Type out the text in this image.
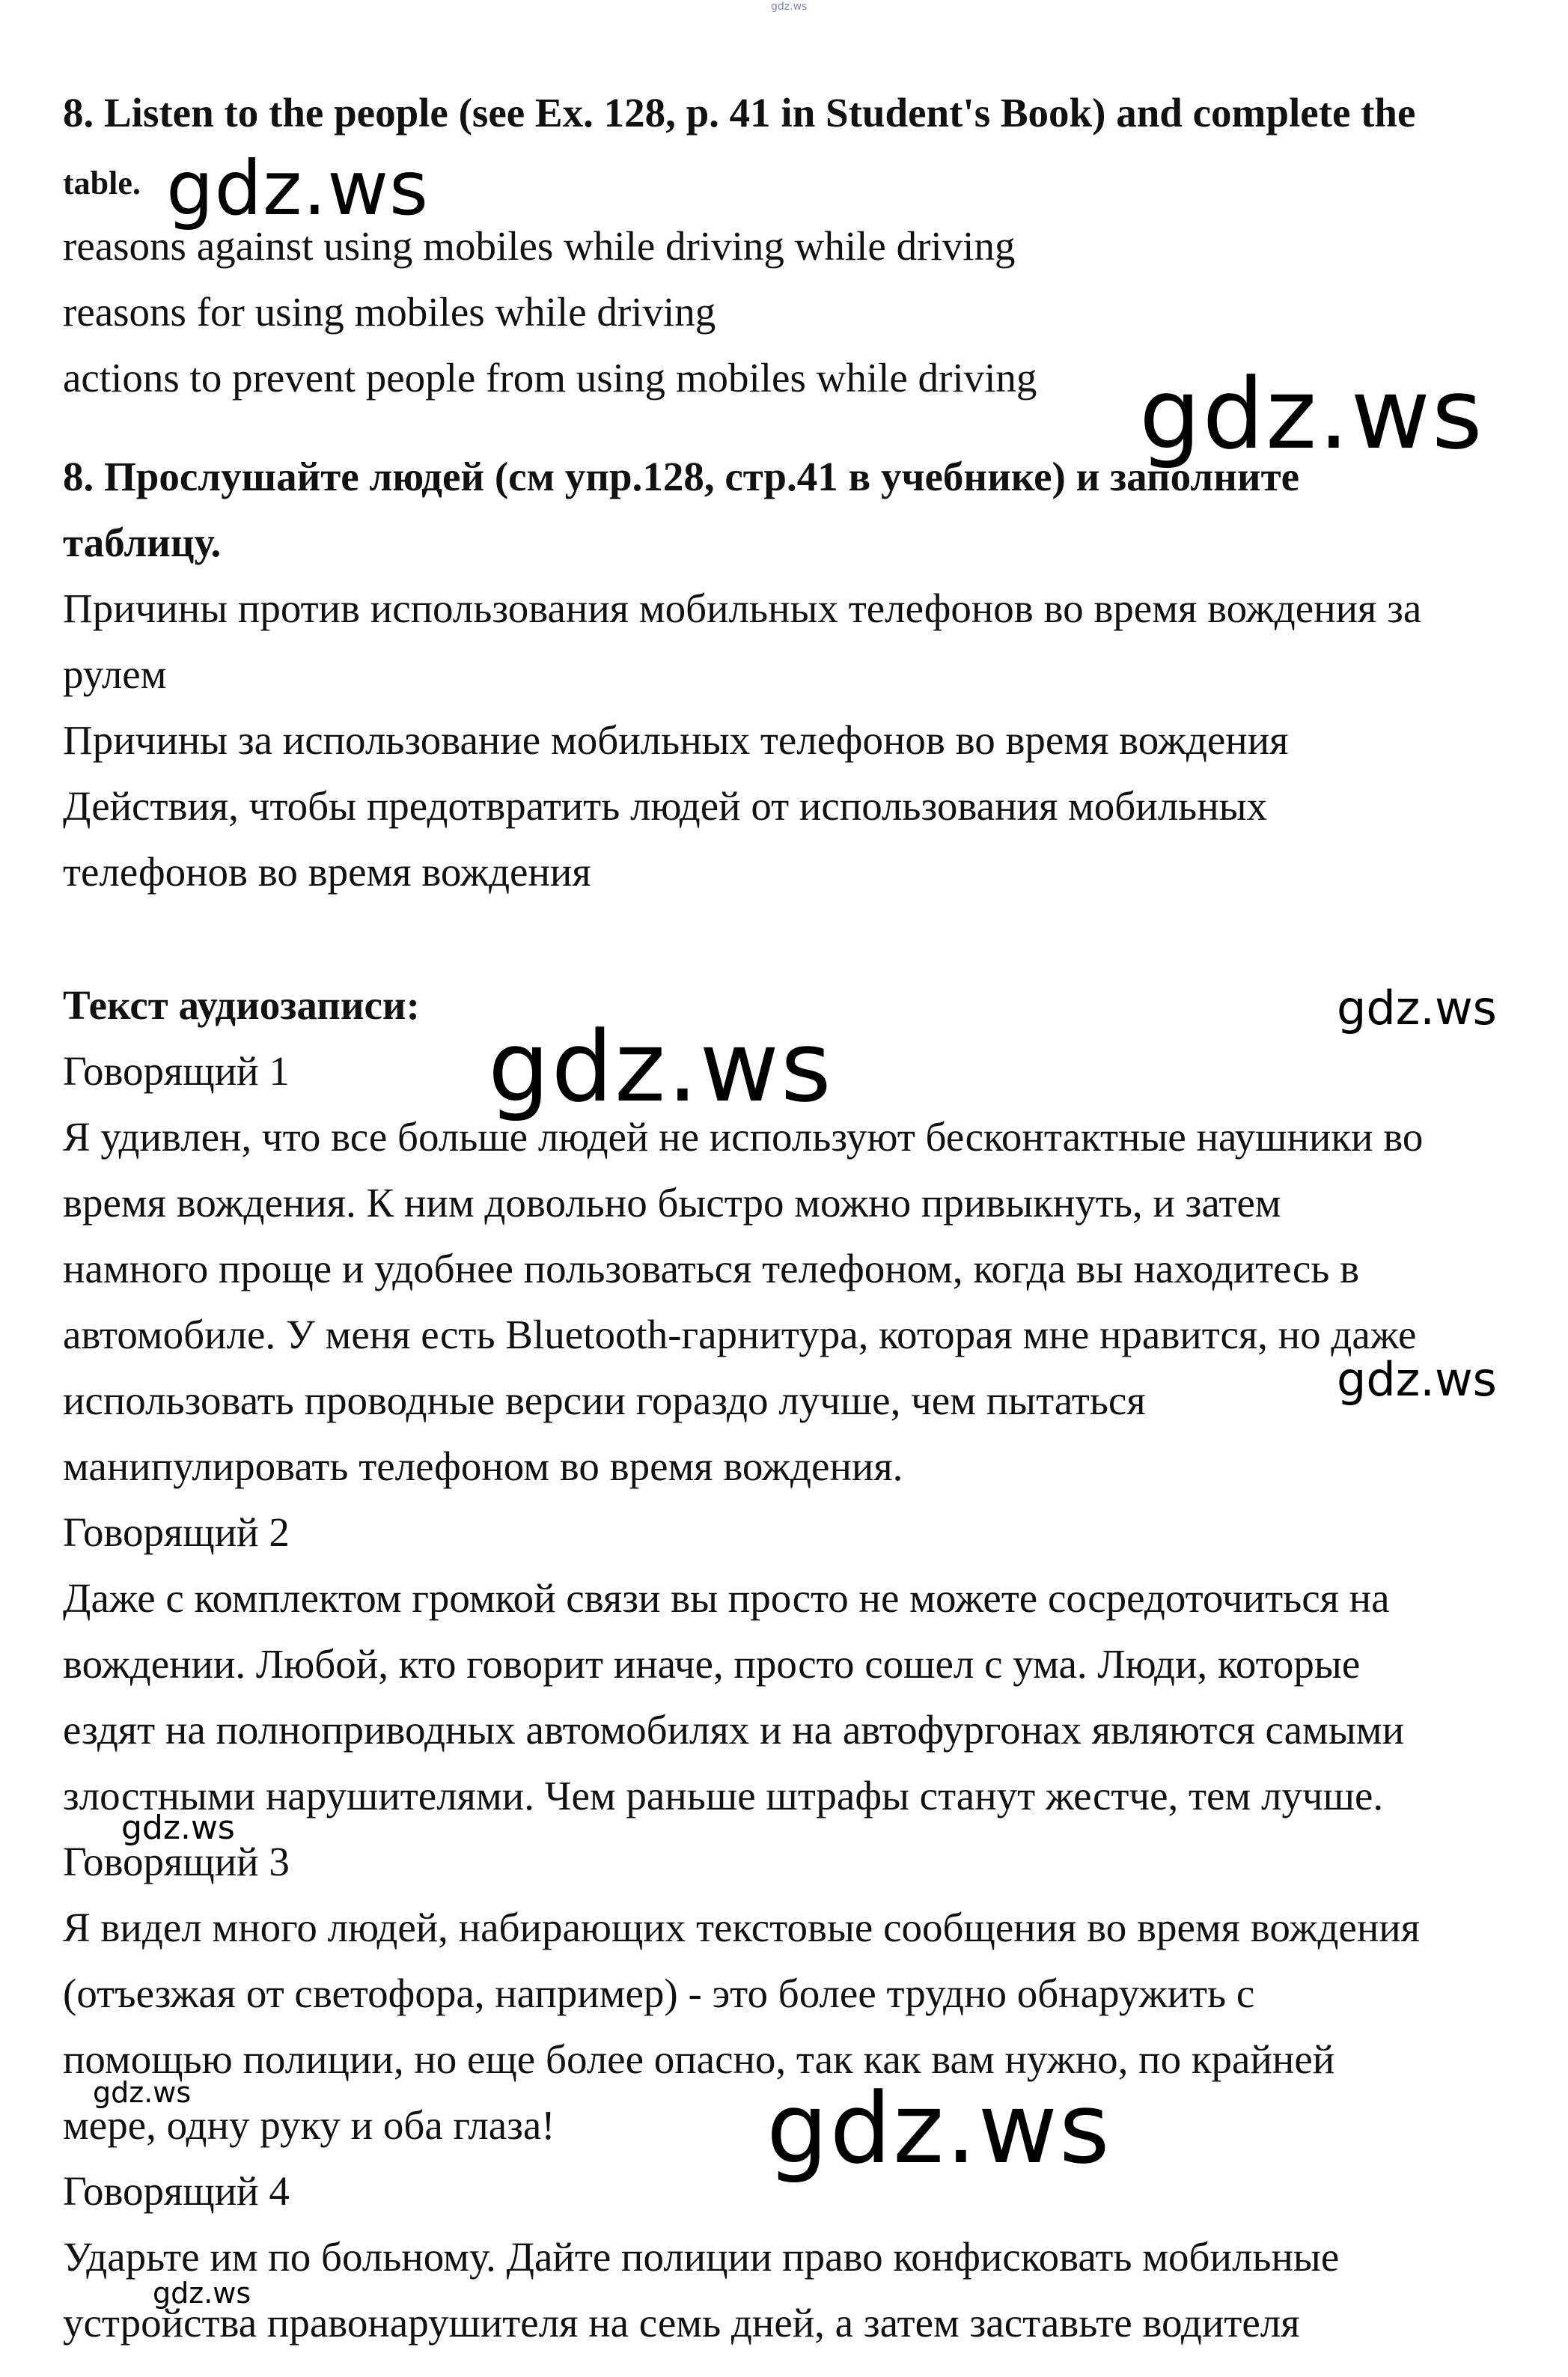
gdz.ws
8. Listen to the people (see Ex. 128, p. 41 in Student's Book) and complete the
table. gdz.ws
reasons against using mobiles while driving while driving
reasons for using mobiles while driving
actions to prevent people from using mobiles while driving gdz.ws
8. Прослушайте людей (см упр.128, стр.41 в учебнике) и заполните
таблицу.
Причины против использования мобильных телефонов во время вождения за
рулем
Причины за использование мобильных телефонов во время вождения
Действия, чтобы предотвратить людей от использования мобильных
телефонов во время вождения
Текст аудиозаписи:	gdz.ws
gdz.ws
Говорящий 1
Я удивлен, что все больше людей не используют бесконтактные наушники во
время вождения. К ним довольно быстро можно привыкнуть, и затем
намного проще и удобнее пользоваться телефоном, когда вы находитесь в
автомобиле. У меня есть Bluetooth-гарнитура, которая мне нравится, но даже
использовать проводные версии гораздо лучше, чем пытаться	gdz.ws
манипулировать телефоном во время вождения.
Говорящий 2
Даже с комплектом громкой связи вы просто не можете сосредоточиться на
вождении. Любой, кто говорит иначе, просто сошел с ума. Люди, которые
ездят на полноприводных автомобилях и на автофургонах являются самыми
злостными нарушителями. Чем раньше штрафы станут жестче, тем лучше.
gdz.ws
Говорящий 3
Я видел много людей, набирающих текстовые сообщения во время вождения
(отъезжая от светофора, например) - это более трудно обнаружить с
помощью полиции, но еще более опасно, так как вам нужно, по крайней
gdz.ws
мере, одну руку и оба глаза! gdz.ws
Говорящий 4
Ударьте им по больному. Дайте полиции право конфисковать мобильные
gdz.ws
устройства правонарушителя на семь дней, а затем заставьте водителя
